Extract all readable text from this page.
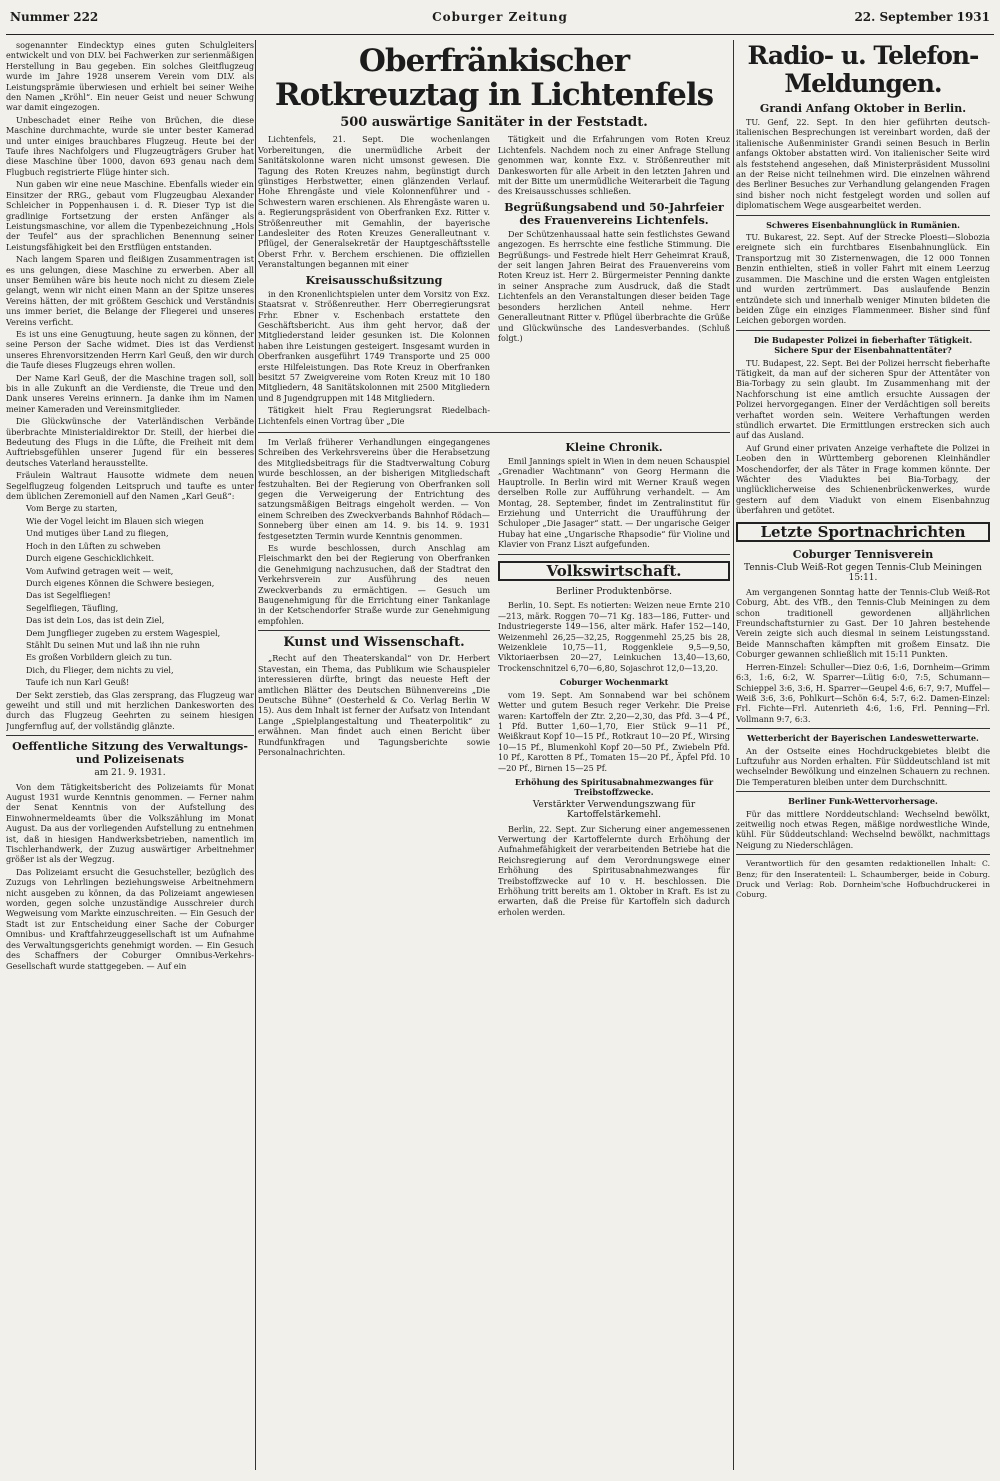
Nummer 222	Coburger Zeitung	22. September 1931

sogenannter Eindecktyp eines guten Schulgleiters entwickelt und von DLV. bei Fachwerken zur serienmäßigen Herstellung in Bau gegeben. Ein solches Gleitflugzeug wurde im Jahre 1928 unserem Verein vom DLV. als Leistungsprämie überwiesen und erhielt bei seiner Weihe den Namen „Kröhl“. Ein neuer Geist und neuer Schwung war damit eingezogen.

Unbeschadet einer Reihe von Brüchen, die diese Maschine durchmachte, wurde sie unter bester Kamerad und unter einiges brauchbares Flugzeug. Heute bei der Taufe ihres Nachfolgers und Flugzeugträgers Gruber hat diese Maschine über 1000, davon 693 genau nach dem Flugbuch registrierte Flüge hinter sich.

Nun gaben wir eine neue Maschine. Ebenfalls wieder ein Einsitzer der RRG., gebaut vom Flugzeugbau Alexander Schleicher in Poppenhausen i. d. R. Dieser Typ ist die gradlinige Fortsetzung der ersten Anfänger als Leistungsmaschine, vor allem die Typenbezeichnung „Hols der Teufel“ aus der sprachlichen Benennung seiner Leistungsfähigkeit bei den Erstflügen entstanden.

Nach langem Sparen und fleißigen Zusammentragen ist es uns gelungen, diese Maschine zu erwerben. Aber all unser Bemühen wäre bis heute noch nicht zu diesem Ziele gelangt, wenn wir nicht einen Mann an der Spitze unseres Vereins hätten, der mit größtem Geschick und Verständnis uns immer beriet, die Belange der Fliegerei und unseres Vereins verficht.

Es ist uns eine Genugtuung, heute sagen zu können, der seine Person der Sache widmet. Dies ist das Verdienst unseres Ehrenvorsitzenden Herrn Karl Geuß, den wir durch die Taufe dieses Flugzeugs ehren wollen.

Der Name Karl Geuß, der die Maschine tragen soll, soll bis in alle Zukunft an die Verdienste, die Treue und den Dank unseres Vereins erinnern. Ja danke ihm im Namen meiner Kameraden und Vereinsmitglieder.

Die Glückwünsche der Vaterländischen Verbände überbrachte Ministerialdirektor Dr. Steill, der hierbei die Bedeutung des Flugs in die Lüfte, die Freiheit mit dem Auftriebsgefühlen unserer Jugend für ein besseres deutsches Vaterland herausstellte.

Fräulein Waltraut Hausotte widmete dem neuen Segelflugzeug folgenden Leitspruch und taufte es unter dem üblichen Zeremoniell auf den Namen „Karl Geuß“:

Vom Berge zu starten,

Wie der Vogel leicht im Blauen sich wiegen

Und mutiges über Land zu fliegen,

Hoch in den Lüften zu schweben

Durch eigene Geschicklichkeit.

Vom Aufwind getragen weit — weit,

Durch eigenes Können die Schwere besiegen,

Das ist Segelfliegen!

Segelfliegen, Täufling,

Das ist dein Los, das ist dein Ziel,

Dem Jungflieger zugeben zu erstem Wagespiel,

Stählt Du seinen Mut und laß ihn nie ruhn

Es großen Vorbildern gleich zu tun.

Dich, du Flieger, dem nichts zu viel,

Taufe ich nun Karl Geuß!

Der Sekt zerstieb, das Glas zersprang, das Flugzeug war geweiht und still und mit herzlichen Dankesworten des durch das Flugzeug Geehrten zu seinem hiesigen Jungfernflug auf, der vollständig glänzte.

Oeffentliche Sitzung des Verwaltungs- und Polizeisenats

am 21. 9. 1931.

Von dem Tätigkeitsbericht des Polizeiamts für Monat August 1931 wurde Kenntnis genommen. — Ferner nahm der Senat Kenntnis von der Aufstellung des Einwohnermeldeamts über die Volkszählung im Monat August. Da aus der vorliegenden Aufstellung zu entnehmen ist, daß in hiesigen Handwerksbetrieben, namentlich im Tischlerhandwerk, der Zuzug auswärtiger Arbeitnehmer größer ist als der Wegzug.

Das Polizeiamt ersucht die Gesuchsteller, bezüglich des Zuzugs von Lehrlingen beziehungsweise Arbeitnehmern nicht ausgeben zu können, da das Polizeiamt angewiesen worden, gegen solche unzuständige Ausschreier durch Wegweisung vom Markte einzuschreiten. — Ein Gesuch der Stadt ist zur Entscheidung einer Sache der Coburger Omnibus- und Kraftfahrzeuggesellschaft ist um Aufnahme des Verwaltungsgerichts genehmigt worden. — Ein Gesuch des Schaffners der Coburger Omnibus-Verkehrs-Gesellschaft wurde stattgegeben. — Auf ein

Oberfränkischer Rotkreuztag in Lichtenfels
500 auswärtige Sanitäter in der Feststadt.

Lichtenfels, 21. Sept. Die wochenlangen Vorbereitungen, die unermüdliche Arbeit der Sanitätskolonne waren nicht umsonst gewesen. Die Tagung des Roten Kreuzes nahm, begünstigt durch günstiges Herbstwetter, einen glänzenden Verlauf. Hohe Ehrengäste und viele Kolonnenführer und -Schwestern waren erschienen. Als Ehrengäste waren u. a. Regierungspräsident von Oberfranken Exz. Ritter v. Strößenreuther mit Gemahlin, der bayerische Landesleiter des Roten Kreuzes Generalleutnant v. Pflügel, der Generalsekretär der Hauptgeschäftsstelle Oberst Frhr. v. Berchem erschienen. Die offiziellen Veranstaltungen begannen mit einer

Kreisausschußsitzung

in den Kronenlichtspielen unter dem Vorsitz von Exz. Staatsrat v. Strößenreuther. Herr Oberregierungsrat Frhr. Ebner v. Eschenbach erstattete den Geschäftsbericht. Aus ihm geht hervor, daß der Mitgliederstand leider gesunken ist. Die Kolonnen haben ihre Leistungen gesteigert. Insgesamt wurden in Oberfranken ausgeführt 1749 Transporte und 25 000 erste Hilfeleistungen. Das Rote Kreuz in Oberfranken besitzt 57 Zweigvereine vom Roten Kreuz mit 10 180 Mitgliedern, 48 Sanitätskolonnen mit 2500 Mitgliedern und 8 Jugendgruppen mit 148 Mitgliedern.

Tätigkeit hielt Frau Regierungsrat Riedelbach-Lichtenfels einen Vortrag über „Die

Tätigkeit und die Erfahrungen vom Roten Kreuz Lichtenfels. Nachdem noch zu einer Anfrage Stellung genommen war, konnte Exz. v. Strößenreuther mit Dankesworten für alle Arbeit in den letzten Jahren und mit der Bitte um unermüdliche Weiterarbeit die Tagung des Kreisausschusses schließen.

Begrüßungsabend und 50-Jahrfeier des Frauenvereins Lichtenfels.

Der Schützenhaussaal hatte sein festlichstes Gewand angezogen. Es herrschte eine festliche Stimmung. Die Begrüßungs- und Festrede hielt Herr Geheimrat Krauß, der seit langen Jahren Beirat des Frauenvereins vom Roten Kreuz ist. Herr 2. Bürgermeister Penning dankte in seiner Ansprache zum Ausdruck, daß die Stadt Lichtenfels an den Veranstaltungen dieser beiden Tage besonders herzlichen Anteil nehme. Herr Generalleutnant Ritter v. Pflügel überbrachte die Grüße und Glückwünsche des Landesverbandes. (Schluß folgt.)

Im Verlaß früherer Verhandlungen eingegangenes Schreiben des Verkehrsvereins über die Herabsetzung des Mitgliedsbeitrags für die Stadtverwaltung Coburg wurde beschlossen, an der bisherigen Mitgliedschaft festzuhalten. Bei der Regierung von Oberfranken soll gegen die Verweigerung der Entrichtung des satzungsmäßigen Beitrags eingeholt werden. — Von einem Schreiben des Zweckverbands Bahnhof Rödach—Sonneberg über einen am 14. 9. bis 14. 9. 1931 festgesetzten Termin wurde Kenntnis genommen.

Es wurde beschlossen, durch Anschlag am Fleischmarkt den bei der Regierung von Oberfranken die Genehmigung nachzusuchen, daß der Stadtrat den Verkehrsverein zur Ausführung des neuen Zweckverbands zu ermächtigen. — Gesuch um Baugenehmigung für die Errichtung einer Tankanlage in der Ketschendorfer Straße wurde zur Genehmigung empfohlen.

Kunst und Wissenschaft.

„Recht auf den Theaterskandal“ von Dr. Herbert Stavestan, ein Thema, das Publikum wie Schauspieler interessieren dürfte, bringt das neueste Heft der amtlichen Blätter des Deutschen Bühnenvereins „Die Deutsche Bühne“ (Oesterheld & Co. Verlag Berlin W 15). Aus dem Inhalt ist ferner der Aufsatz von Intendant Lange „Spielplangestaltung und Theaterpolitik“ zu erwähnen. Man findet auch einen Bericht über Rundfunkfragen und Tagungsberichte sowie Personalnachrichten.

Kleine Chronik.

Emil Jannings spielt in Wien in dem neuen Schauspiel „Grenadier Wachtmann“ von Georg Hermann die Hauptrolle. In Berlin wird mit Werner Krauß wegen derselben Rolle zur Aufführung verhandelt. — Am Montag, 28. September, findet im Zentralinstitut für Erziehung und Unterricht die Uraufführung der Schuloper „Die Jasager“ statt. — Der ungarische Geiger Hubay hat eine „Ungarische Rhapsodie“ für Violine und Klavier von Franz Liszt aufgefunden.

Volkswirtschaft.

Berliner Produktenbörse.

Berlin, 10. Sept. Es notierten: Weizen neue Ernte 210—213, märk. Roggen 70—71 Kg. 183—186, Futter- und Industriegerste 149—156, alter märk. Hafer 152—140, Weizenmehl 26,25—32,25, Roggenmehl 25,25 bis 28, Weizenkleie 10,75—11, Roggenkleie 9,5—9,50, Viktoriaerbsen 20—27, Leinkuchen 13,40—13,60, Trockenschnitzel 6,70—6,80, Sojaschrot 12,0—13,20.

Coburger Wochenmarkt

vom 19. Sept. Am Sonnabend war bei schönem Wetter und gutem Besuch reger Verkehr. Die Preise waren: Kartoffeln der Ztr. 2,20—2,30, das Pfd. 3—4 Pf., 1 Pfd. Butter 1,60—1,70, Eier Stück 9—11 Pf., Weißkraut Kopf 10—15 Pf., Rotkraut 10—20 Pf., Wirsing 10—15 Pf., Blumenkohl Kopf 20—50 Pf., Zwiebeln Pfd. 10 Pf., Karotten 8 Pf., Tomaten 15—20 Pf., Äpfel Pfd. 10—20 Pf., Birnen 15—25 Pf.

Erhöhung des Spiritusabnahmezwanges für Treibstoffzwecke.

Verstärkter Verwendungszwang für Kartoffelstärkemehl.

Berlin, 22. Sept. Zur Sicherung einer angemessenen Verwertung der Kartoffelernte durch Erhöhung der Aufnahmefähigkeit der verarbeitenden Betriebe hat die Reichsregierung auf dem Verordnungswege einer Erhöhung des Spiritusabnahmezwanges für Treibstoffzwecke auf 10 v. H. beschlossen. Die Erhöhung tritt bereits am 1. Oktober in Kraft. Es ist zu erwarten, daß die Preise für Kartoffeln sich dadurch erholen werden.

Radio- u. Telefon-Meldungen.

Grandi Anfang Oktober in Berlin.

TU. Genf, 22. Sept. In den hier geführten deutsch-italienischen Besprechungen ist vereinbart worden, daß der italienische Außenminister Grandi seinen Besuch in Berlin anfangs Oktober abstatten wird. Von italienischer Seite wird als feststehend angesehen, daß Ministerpräsident Mussolini an der Reise nicht teilnehmen wird. Die einzelnen während des Berliner Besuches zur Verhandlung gelangenden Fragen sind bisher noch nicht festgelegt worden und sollen auf diplomatischem Wege ausgearbeitet werden.

Schweres Eisenbahnunglück in Rumänien.

TU. Bukarest, 22. Sept. Auf der Strecke Ploesti—Slobozia ereignete sich ein furchtbares Eisenbahnunglück. Ein Transportzug mit 30 Zisternenwagen, die 12 000 Tonnen Benzin enthielten, stieß in voller Fahrt mit einem Leerzug zusammen. Die Maschine und die ersten Wagen entgleisten und wurden zertrümmert. Das auslaufende Benzin entzündete sich und innerhalb weniger Minuten bildeten die beiden Züge ein einziges Flammenmeer. Bisher sind fünf Leichen geborgen worden.

Die Budapester Polizei in fieberhafter Tätigkeit. Sichere Spur der Eisenbahnattentäter?

TU. Budapest, 22. Sept. Bei der Polizei herrscht fieberhafte Tätigkeit, da man auf der sicheren Spur der Attentäter von Bia-Torbagy zu sein glaubt. Im Zusammenhang mit der Nachforschung ist eine amtlich ersuchte Aussagen der Polizei hervorgegangen. Einer der Verdächtigen soll bereits verhaftet worden sein. Weitere Verhaftungen werden stündlich erwartet. Die Ermittlungen erstrecken sich auch auf das Ausland.

Auf Grund einer privaten Anzeige verhaftete die Polizei in Leoben den in Württemberg geborenen Kleinhändler Moschendorfer, der als Täter in Frage kommen könnte. Der Wächter des Viaduktes bei Bia-Torbagy, der unglücklicherweise des Schienenbrückenwerkes, wurde gestern auf dem Viadukt von einem Eisenbahnzug überfahren und getötet.

Letzte Sportnachrichten

Coburger Tennisverein

Tennis-Club Weiß-Rot gegen Tennis-Club Meiningen 15:11.

Am vergangenen Sonntag hatte der Tennis-Club Weiß-Rot Coburg, Abt. des VfB., den Tennis-Club Meiningen zu dem schon traditionell gewordenen alljährlichen Freundschaftsturnier zu Gast. Der 10 Jahren bestehende Verein zeigte sich auch diesmal in seinem Leistungsstand. Beide Mannschaften kämpften mit großem Einsatz. Die Coburger gewannen schließlich mit 15:11 Punkten.

Herren-Einzel: Schuller—Diez 0:6, 1:6, Dornheim—Grimm 6:3, 1:6, 6:2, W. Sparrer—Lütig 6:0, 7:5, Schumann—Schieppel 3:6, 3:6, H. Sparrer—Geupel 4:6, 6:7, 9:7, Muffel—Weiß 3:6, 3:6, Pohlkurt—Schön 6:4, 5:7, 6:2. Damen-Einzel: Frl. Fichte—Frl. Autenrieth 4:6, 1:6, Frl. Penning—Frl. Vollmann 9:7, 6:3.

Wetterbericht der Bayerischen Landeswetterwarte.

An der Ostseite eines Hochdruckgebietes bleibt die Luftzufuhr aus Norden erhalten. Für Süddeutschland ist mit wechselnder Bewölkung und einzelnen Schauern zu rechnen. Die Temperaturen bleiben unter dem Durchschnitt.

Berliner Funk-Wettervorhersage.

Für das mittlere Norddeutschland: Wechselnd bewölkt, zeitweilig noch etwas Regen, mäßige nordwestliche Winde, kühl. Für Süddeutschland: Wechselnd bewölkt, nachmittags Neigung zu Niederschlägen.

Verantwortlich für den gesamten redaktionellen Inhalt: C. Benz; für den Inseratenteil: L. Schaumberger, beide in Coburg. Druck und Verlag: Rob. Dornheim'sche Hofbuchdruckerei in Coburg.
